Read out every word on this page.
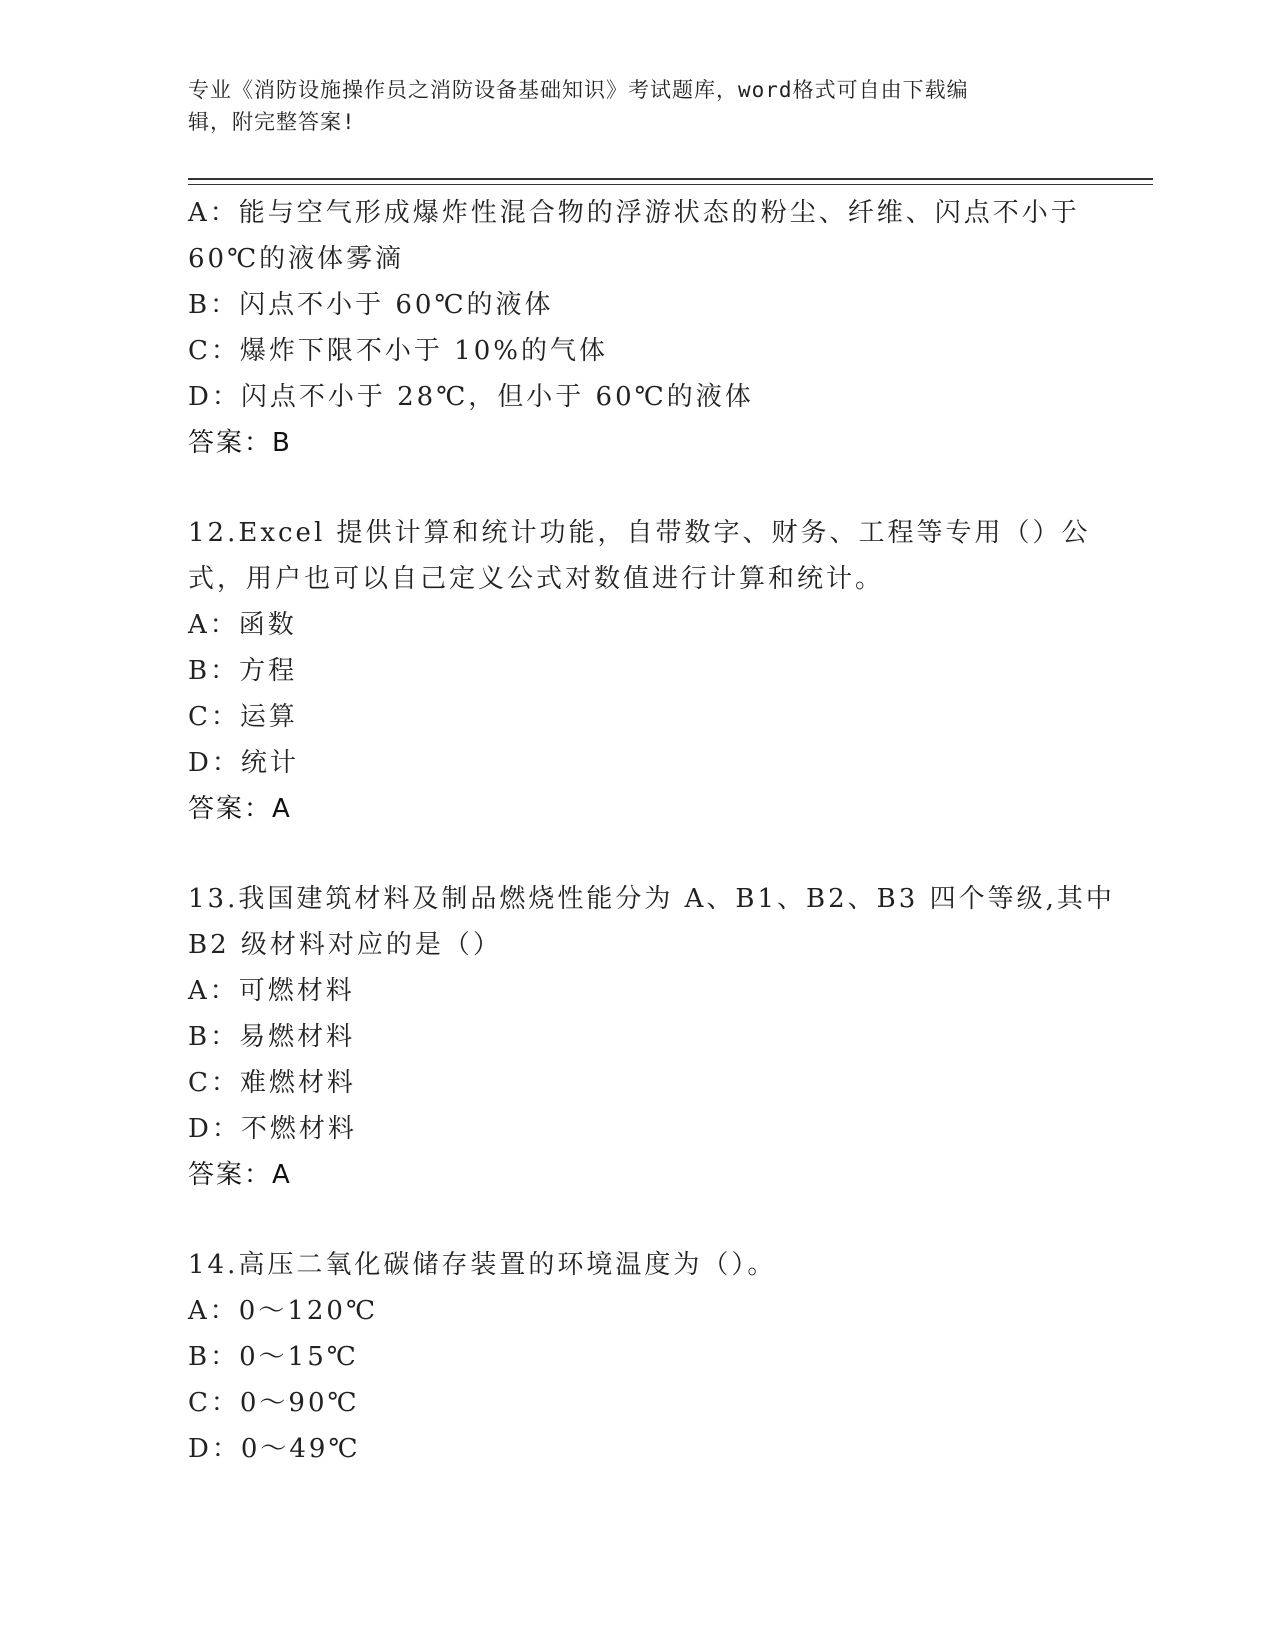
专业《消防设施操作员之消防设备基础知识》考试题库，word格式可自由下载编
辑，附完整答案!
A：能与空气形成爆炸性混合物的浮游状态的粉尘、纤维、闪点不小于
60℃的液体雾滴
B：闪点不小于 60℃的液体
C：爆炸下限不小于 10%的气体
D：闪点不小于 28℃，但小于 60℃的液体
答案：B
12.Excel 提供计算和统计功能，自带数字、财务、工程等专用（）公
式，用户也可以自己定义公式对数值进行计算和统计。
A：函数
B：方程
C：运算
D：统计
答案：A
13.我国建筑材料及制品燃烧性能分为 A、B1、B2、B3 四个等级,其中
B2 级材料对应的是（）
A：可燃材料
B：易燃材料
C：难燃材料
D：不燃材料
答案：A
14.高压二氧化碳储存装置的环境温度为（）。
A：0～120℃
B：0～15℃
C：0～90℃
D：0～49℃
